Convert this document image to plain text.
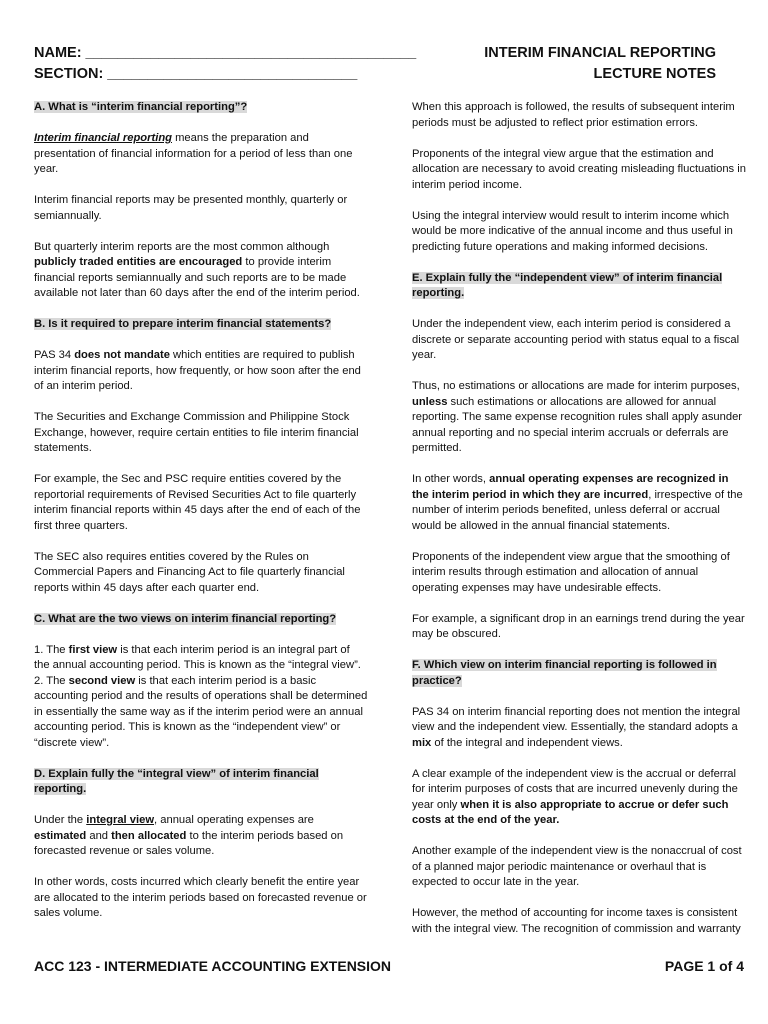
NAME: _________________________________________
SECTION: _______________________________
INTERIM FINANCIAL REPORTING
LECTURE NOTES

A. What is “interim financial reporting”?

Interim financial reporting means the preparation and presentation of financial information for a period of less than one year.

Interim financial reports may be presented monthly, quarterly or semiannually.

But quarterly interim reports are the most common although publicly traded entities are encouraged to provide interim financial reports semiannually and such reports are to be made available not later than 60 days after the end of the interim period.

B. Is it required to prepare interim financial statements?

PAS 34 does not mandate which entities are required to publish interim financial reports, how frequently, or how soon after the end of an interim period.

The Securities and Exchange Commission and Philippine Stock Exchange, however, require certain entities to file interim financial statements.

For example, the Sec and PSC require entities covered by the reportorial requirements of Revised Securities Act to file quarterly interim financial reports within 45 days after the end of each of the first three quarters.

The SEC also requires entities covered by the Rules on Commercial Papers and Financing Act to file quarterly financial reports within 45 days after each quarter end.

C. What are the two views on interim financial reporting?

1. The first view is that each interim period is an integral part of the annual accounting period. This is known as the “integral view”.
2. The second view is that each interim period is a basic accounting period and the results of operations shall be determined in essentially the same way as if the interim period were an annual accounting period. This is known as the “independent view” or “discrete view”.

D. Explain fully the “integral view” of interim financial reporting.

Under the integral view, annual operating expenses are estimated and then allocated to the interim periods based on forecasted revenue or sales volume.

In other words, costs incurred which clearly benefit the entire year are allocated to the interim periods based on forecasted revenue or sales volume.

When this approach is followed, the results of subsequent interim periods must be adjusted to reflect prior estimation errors.

Proponents of the integral view argue that the estimation and allocation are necessary to avoid creating misleading fluctuations in interim period income.

Using the integral interview would result to interim income which would be more indicative of the annual income and thus useful in predicting future operations and making informed decisions.

E. Explain fully the “independent view” of interim financial reporting.

Under the independent view, each interim period is considered a discrete or separate accounting period with status equal to a fiscal year.

Thus, no estimations or allocations are made for interim purposes, unless such estimations or allocations are allowed for annual reporting. The same expense recognition rules shall apply asunder annual reporting and no special interim accruals or deferrals are permitted.

In other words, annual operating expenses are recognized in the interim period in which they are incurred, irrespective of the number of interim periods benefited, unless deferral or accrual would be allowed in the annual financial statements.

Proponents of the independent view argue that the smoothing of interim results through estimation and allocation of annual operating expenses may have undesirable effects.

For example, a significant drop in an earnings trend during the year may be obscured.

F. Which view on interim financial reporting is followed in practice?

PAS 34 on interim financial reporting does not mention the integral view and the independent view. Essentially, the standard adopts a mix of the integral and independent views.

A clear example of the independent view is the accrual or deferral for interim purposes of costs that are incurred unevenly during the year only when it is also appropriate to accrue or defer such costs at the end of the year.

Another example of the independent view is the nonaccrual of cost of a planned major periodic maintenance or overhaul that is expected to occur late in the year.

However, the method of accounting for income taxes is consistent with the integral view. The recognition of commission and warranty

ACC 123 - INTERMEDIATE ACCOUNTING EXTENSION	PAGE 1 of 4
